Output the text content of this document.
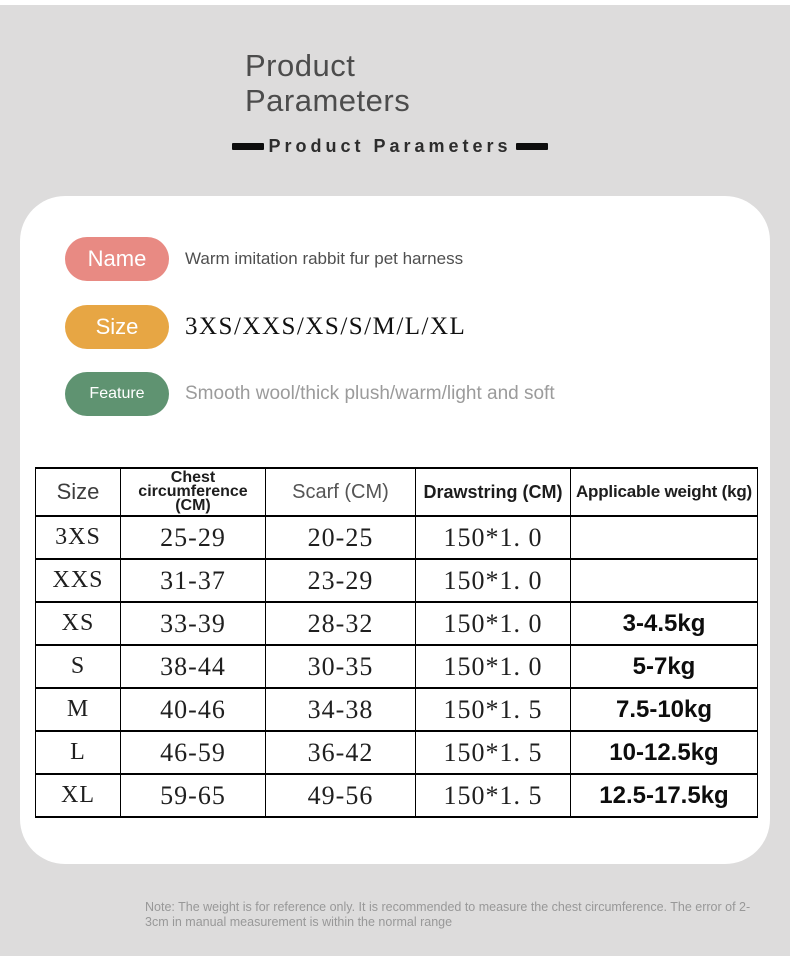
Product
Parameters
Product Parameters
Name Warm imitation rabbit fur pet harness
Size 3XS/XXS/XS/S/M/L/XL
Feature Smooth wool/thick plush/warm/light and soft
Size	Chest circumference (CM)	Scarf (CM)	Drawstring (CM)	Applicable weight (kg)
3XS	25-29	20-25	150*1. 0	
XXS	31-37	23-29	150*1. 0	
XS	33-39	28-32	150*1. 0	3-4.5kg
S	38-44	30-35	150*1. 0	5-7kg
M	40-46	34-38	150*1. 5	7.5-10kg
L	46-59	36-42	150*1. 5	10-12.5kg
XL	59-65	49-56	150*1. 5	12.5-17.5kg
Note: The weight is for reference only. It is recommended to measure the chest circumference. The error of 2-3cm in manual measurement is within the normal range
